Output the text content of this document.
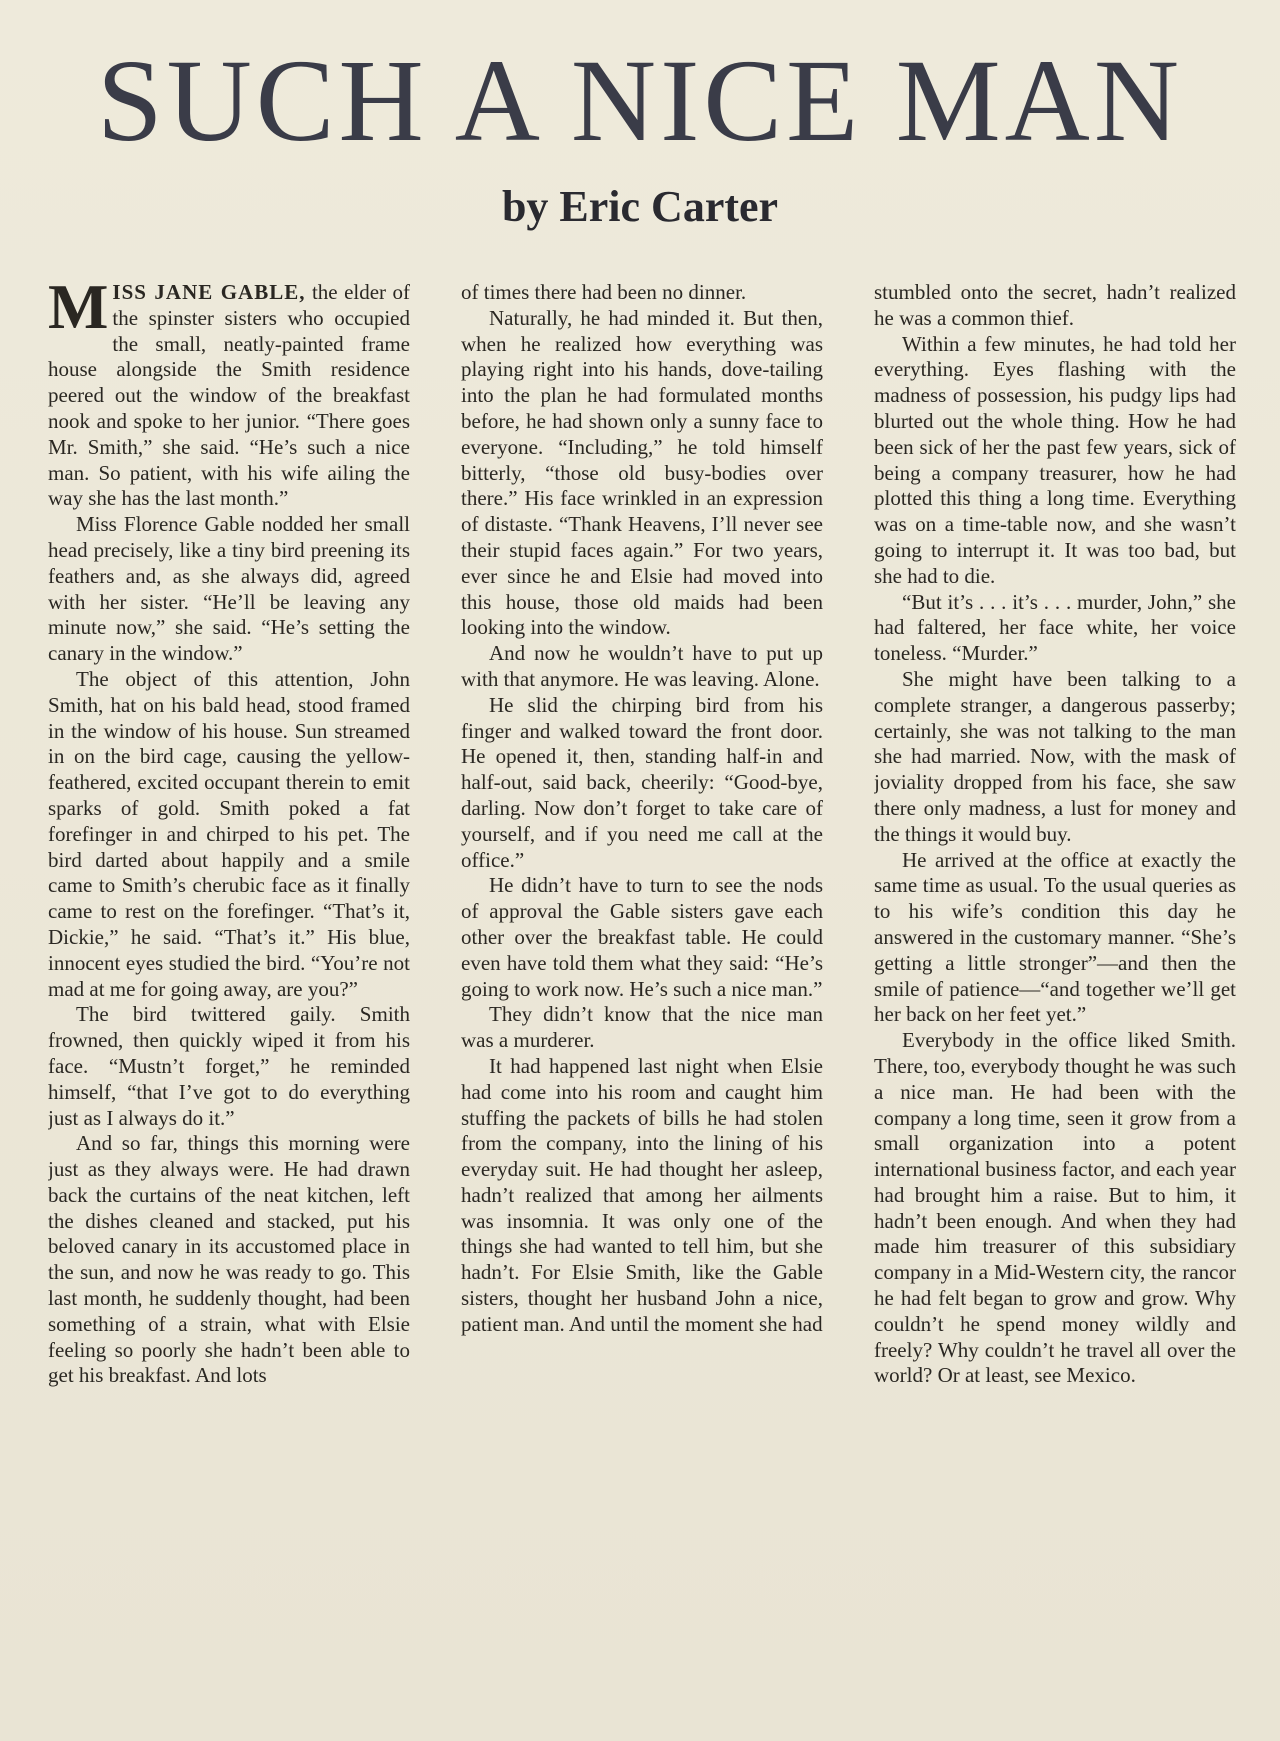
SUCH A NICE MAN
by Eric Carter

MISS JANE GABLE, the elder of the spinster sisters who occupied the small, neatly-painted frame house alongside the Smith residence peered out the window of the breakfast nook and spoke to her junior. “There goes Mr. Smith,” she said. “He’s such a nice man. So patient, with his wife ailing the way she has the last month.”

Miss Florence Gable nodded her small head precisely, like a tiny bird preening its feathers and, as she always did, agreed with her sister. “He’ll be leaving any minute now,” she said. “He’s setting the canary in the window.”

The object of this attention, John Smith, hat on his bald head, stood framed in the window of his house. Sun streamed in on the bird cage, causing the yellow-feathered, excited occupant therein to emit sparks of gold. Smith poked a fat forefinger in and chirped to his pet. The bird darted about happily and a smile came to Smith’s cherubic face as it finally came to rest on the forefinger. “That’s it, Dickie,” he said. “That’s it.” His blue, innocent eyes studied the bird. “You’re not mad at me for going away, are you?”

The bird twittered gaily. Smith frowned, then quickly wiped it from his face. “Mustn’t forget,” he reminded himself, “that I’ve got to do everything just as I always do it.”

And so far, things this morning were just as they always were. He had drawn back the curtains of the neat kitchen, left the dishes cleaned and stacked, put his beloved canary in its accustomed place in the sun, and now he was ready to go. This last month, he suddenly thought, had been something of a strain, what with Elsie feeling so poorly she hadn’t been able to get his breakfast. And lots

of times there had been no dinner.

Naturally, he had minded it. But then, when he realized how everything was playing right into his hands, dove-tailing into the plan he had formulated months before, he had shown only a sunny face to everyone. “Including,” he told himself bitterly, “those old busy-bodies over there.” His face wrinkled in an expression of distaste. “Thank Heavens, I’ll never see their stupid faces again.” For two years, ever since he and Elsie had moved into this house, those old maids had been looking into the window.

And now he wouldn’t have to put up with that anymore. He was leaving. Alone.

He slid the chirping bird from his finger and walked toward the front door. He opened it, then, standing half-in and half-out, said back, cheerily: “Good-bye, darling. Now don’t forget to take care of yourself, and if you need me call at the office.”

He didn’t have to turn to see the nods of approval the Gable sisters gave each other over the breakfast table. He could even have told them what they said: “He’s going to work now. He’s such a nice man.”

They didn’t know that the nice man was a murderer.

It had happened last night when Elsie had come into his room and caught him stuffing the packets of bills he had stolen from the company, into the lining of his everyday suit. He had thought her asleep, hadn’t realized that among her ailments was insomnia. It was only one of the things she had wanted to tell him, but she hadn’t. For Elsie Smith, like the Gable sisters, thought her husband John a nice, patient man. And until the moment she had

stumbled onto the secret, hadn’t realized he was a common thief.

Within a few minutes, he had told her everything. Eyes flashing with the madness of possession, his pudgy lips had blurted out the whole thing. How he had been sick of her the past few years, sick of being a company treasurer, how he had plotted this thing a long time. Everything was on a time-table now, and she wasn’t going to interrupt it. It was too bad, but she had to die.

“But it’s . . . it’s . . . murder, John,” she had faltered, her face white, her voice toneless. “Murder.”

She might have been talking to a complete stranger, a dangerous passerby; certainly, she was not talking to the man she had married. Now, with the mask of joviality dropped from his face, she saw there only madness, a lust for money and the things it would buy.

He arrived at the office at exactly the same time as usual. To the usual queries as to his wife’s condition this day he answered in the customary manner. “She’s getting a little stronger”—and then the smile of patience—“and together we’ll get her back on her feet yet.”

Everybody in the office liked Smith. There, too, everybody thought he was such a nice man. He had been with the company a long time, seen it grow from a small organization into a potent international business factor, and each year had brought him a raise. But to him, it hadn’t been enough. And when they had made him treasurer of this subsidiary company in a Mid-Western city, the rancor he had felt began to grow and grow. Why couldn’t he spend money wildly and freely? Why couldn’t he travel all over the world? Or at least, see Mexico.
